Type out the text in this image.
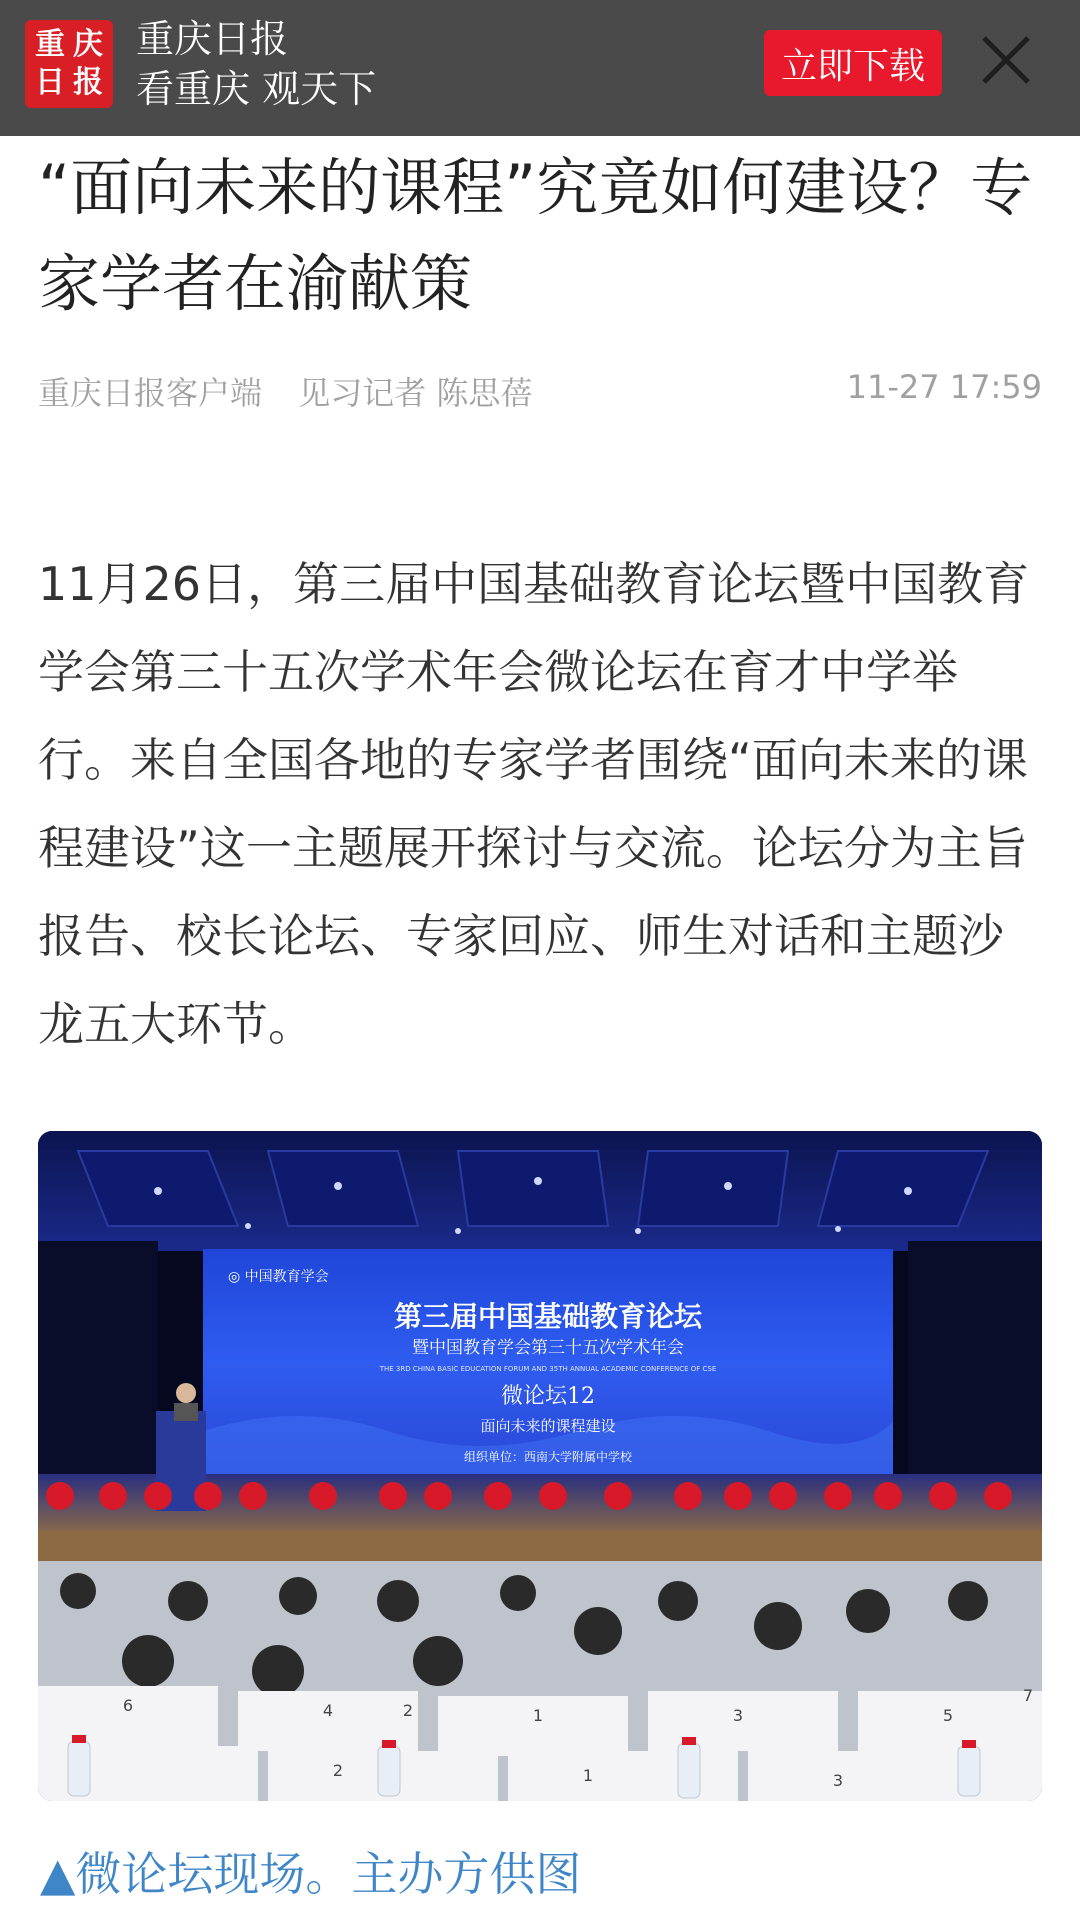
重 庆
日 报
重庆日报
看重庆 观天下
立即下载
“面向未来的课程”究竟如何建设？专家学者在渝献策
重庆日报客户端 见习记者 陈思蓓	11-27 17:59

11月26日，第三届中国基础教育论坛暨中国教育学会第三十五次学术年会微论坛在育才中学举行。来自全国各地的专家学者围绕“面向未来的课程建设”这一主题展开探讨与交流。论坛分为主旨报告、校长论坛、专家回应、师生对话和主题沙龙五大环节。

◎ 中国教育学会
第三届中国基础教育论坛
暨中国教育学会第三十五次学术年会
THE 3RD CHINA BASIC EDUCATION FORUM AND 35TH ANNUAL ACADEMIC CONFERENCE OF CSE
微论坛12
面向未来的课程建设
组织单位：西南大学附属中学校
6	4	2	1	3	5
7
2	1	3
▲微论坛现场。主办方供图
